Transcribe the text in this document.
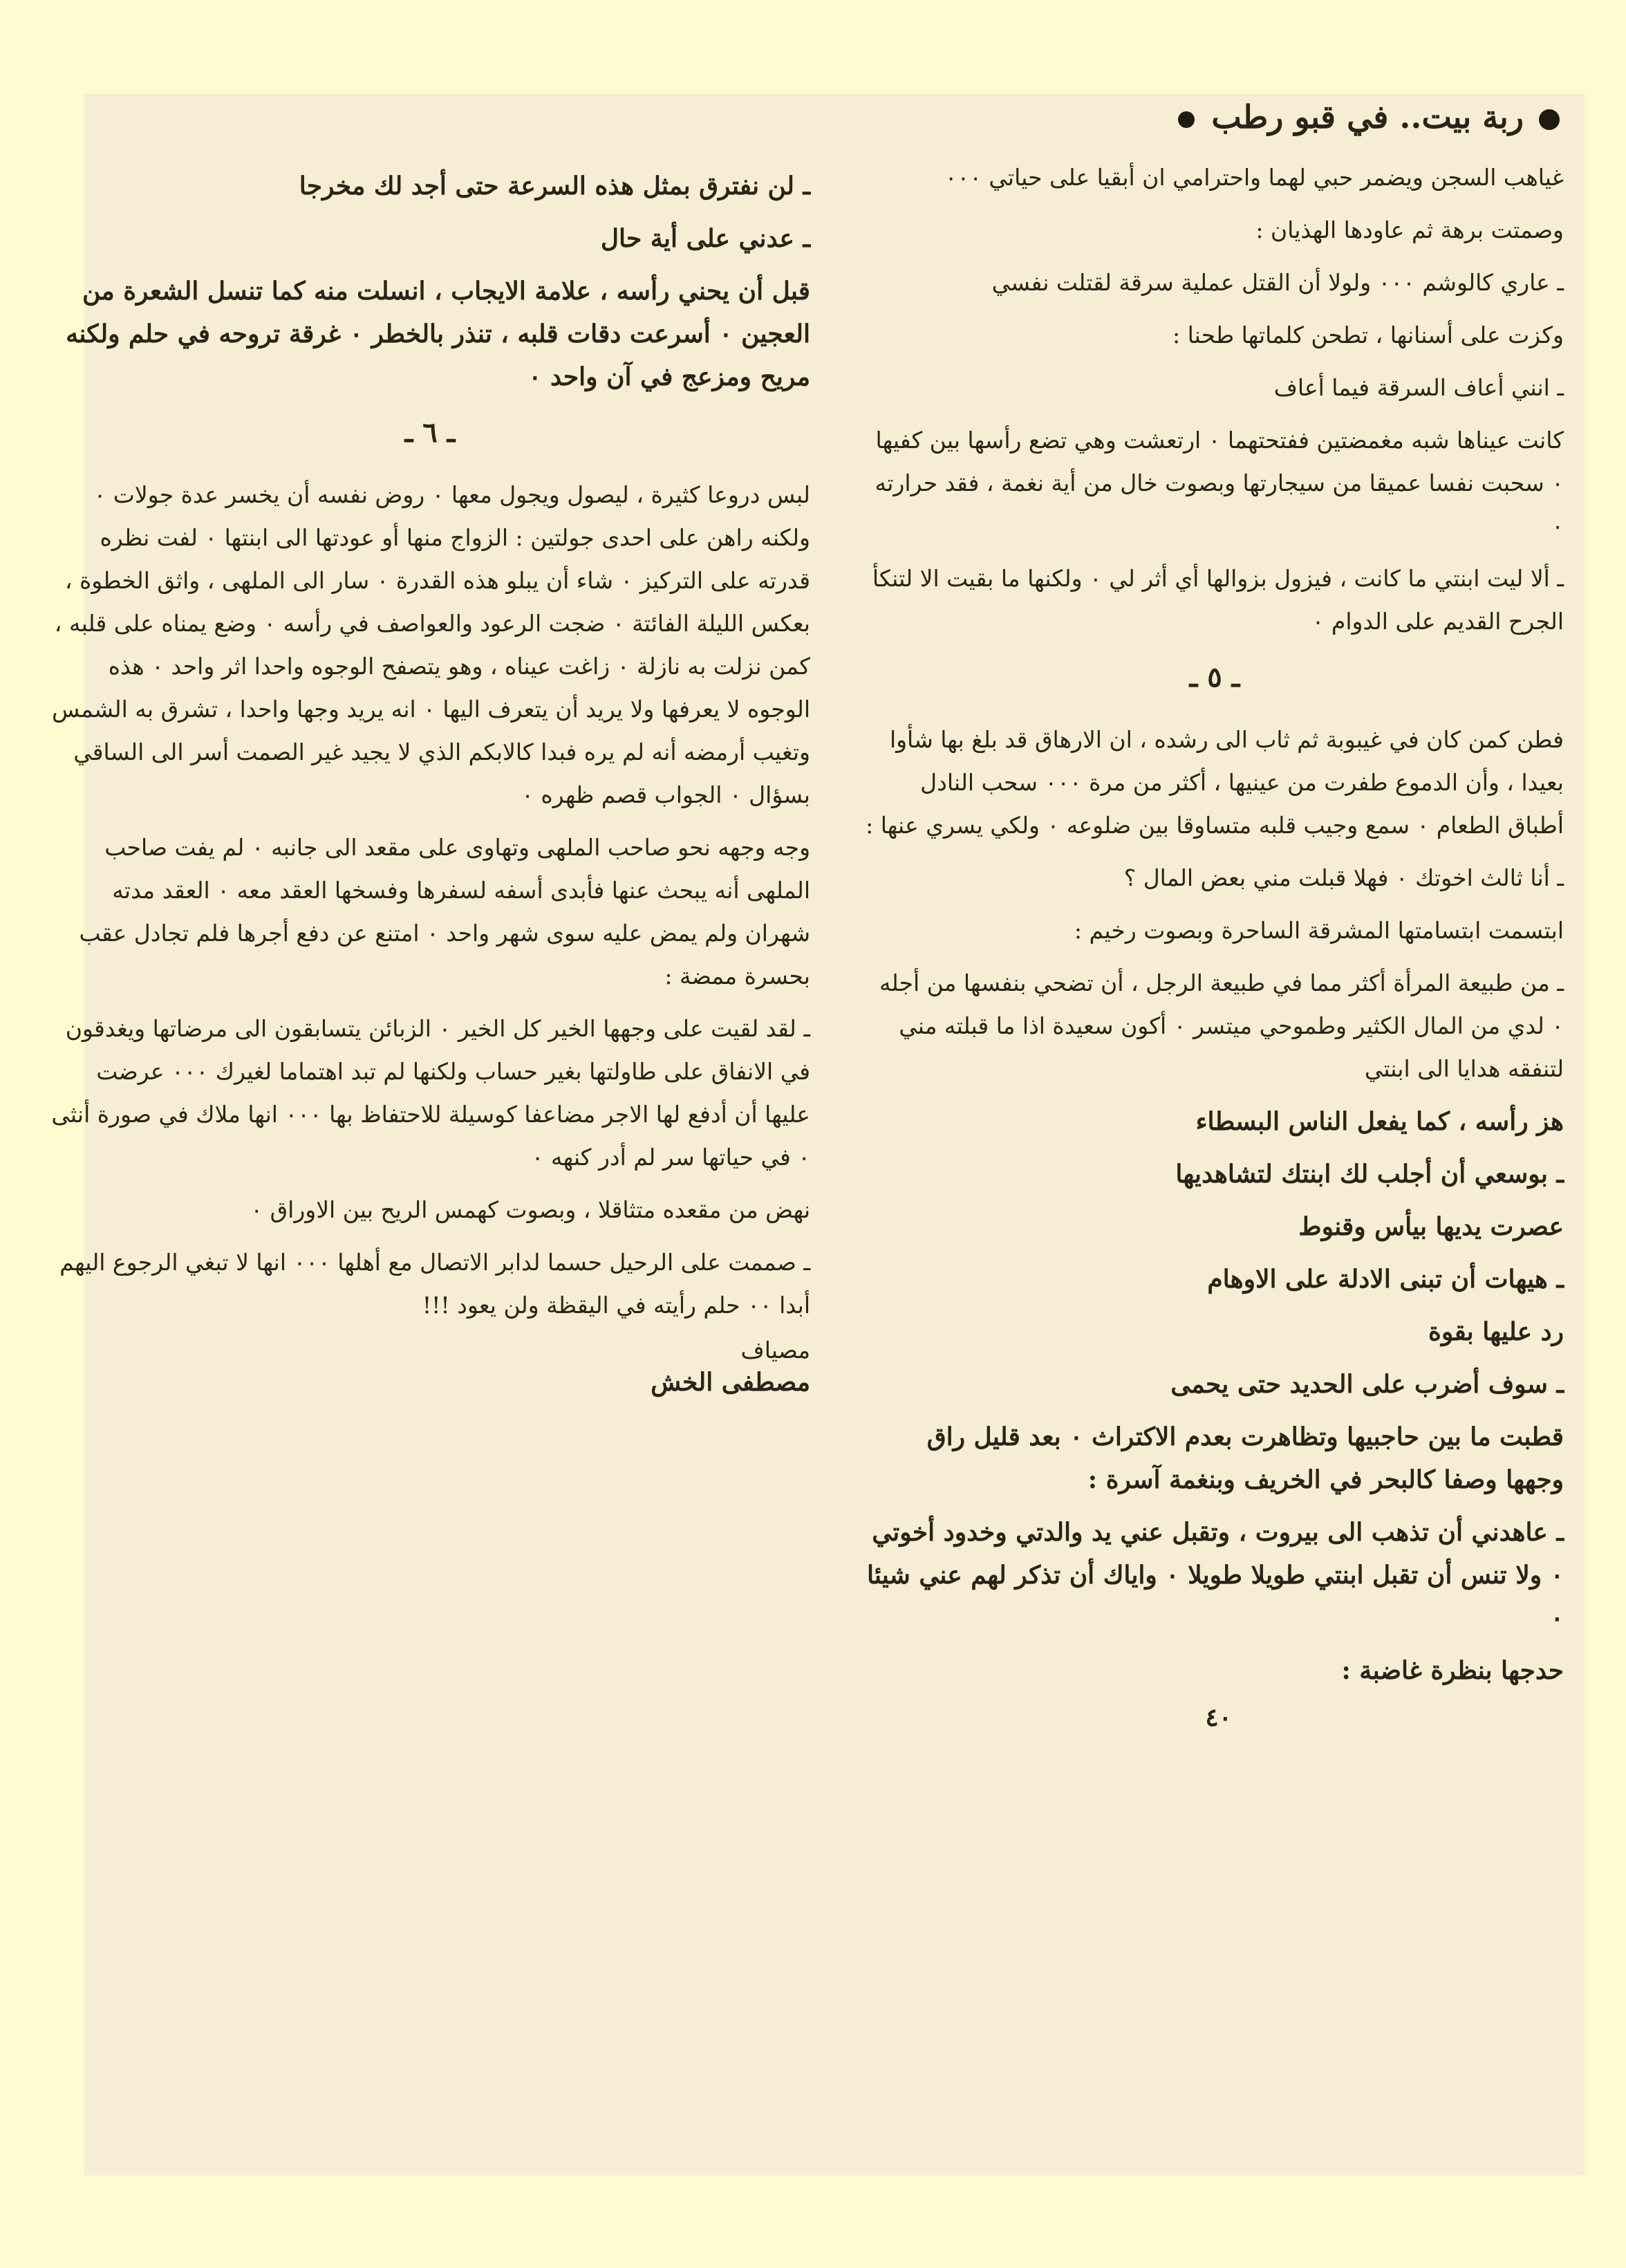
ربة بيت.. في قبو رطب

غياهب السجن ويضمر حبي لهما واحترامي ان أبقيا على حياتي ٠٠٠

وصمتت برهة ثم عاودها الهذيان :

ـ عاري كالوشم ٠٠٠ ولولا أن القتل عملية سرقة لقتلت نفسي

وكزت على أسنانها ، تطحن كلماتها طحنا :

ـ انني أعاف السرقة فيما أعاف

كانت عيناها شبه مغمضتين ففتحتهما ٠ ارتعشت وهي تضع رأسها بين كفيها ٠ سحبت نفسا عميقا من سيجارتها وبصوت خال من أية نغمة ، فقد حرارته ٠

ـ ألا ليت ابنتي ما كانت ، فيزول بزوالها أي أثر لي ٠ ولكنها ما بقيت الا لتنكأ الجرح القديم على الدوام ٠

ـ ٥ ـ

فطن كمن كان في غيبوبة ثم ثاب الى رشده ، ان الارهاق قد بلغ بها شأوا بعيدا ، وأن الدموع طفرت من عينيها ، أكثر من مرة ٠٠٠ سحب النادل أطباق الطعام ٠ سمع وجيب قلبه متساوقا بين ضلوعه ٠ ولكي يسري عنها :

ـ أنا ثالث اخوتك ٠ فهلا قبلت مني بعض المال ؟

ابتسمت ابتسامتها المشرقة الساحرة وبصوت رخيم :

ـ من طبيعة المرأة أكثر مما في طبيعة الرجل ، أن تضحي بنفسها من أجله ٠ لدي من المال الكثير وطموحي ميتسر ٠ أكون سعيدة اذا ما قبلته مني لتنفقه هدايا الى ابنتي

هز رأسه ، كما يفعل الناس البسطاء

ـ بوسعي أن أجلب لك ابنتك لتشاهديها

عصرت يديها بيأس وقنوط

ـ هيهات أن تبنى الادلة على الاوهام

رد عليها بقوة

ـ سوف أضرب على الحديد حتى يحمى

قطبت ما بين حاجبيها وتظاهرت بعدم الاكتراث ٠ بعد قليل راق وجهها وصفا كالبحر في الخريف وبنغمة آسرة :

ـ عاهدني أن تذهب الى بيروت ، وتقبل عني يد والدتي وخدود أخوتي ٠ ولا تنس أن تقبل ابنتي طويلا طويلا ٠ واياك أن تذكر لهم عني شيئا ٠

حدجها بنظرة غاضبة :

٤٠

ـ لن نفترق بمثل هذه السرعة حتى أجد لك مخرجا

ـ عدني على أية حال

قبل أن يحني رأسه ، علامة الايجاب ، انسلت منه كما تنسل الشعرة من العجين ٠ أسرعت دقات قلبه ، تنذر بالخطر ٠ غرقة تروحه في حلم ولكنه مريح ومزعج في آن واحد ٠

ـ ٦ ـ

لبس دروعا كثيرة ، ليصول ويجول معها ٠ روض نفسه أن يخسر عدة جولات ٠ ولكنه راهن على احدى جولتين : الزواج منها أو عودتها الى ابنتها ٠ لفت نظره قدرته على التركيز ٠ شاء أن يبلو هذه القدرة ٠ سار الى الملهى ، واثق الخطوة ، بعكس الليلة الفائتة ٠ ضجت الرعود والعواصف في رأسه ٠ وضع يمناه على قلبه ، كمن نزلت به نازلة ٠ زاغت عيناه ، وهو يتصفح الوجوه واحدا اثر واحد ٠ هذه الوجوه لا يعرفها ولا يريد أن يتعرف اليها ٠ انه يريد وجها واحدا ، تشرق به الشمس وتغيب أرمضه أنه لم يره فبدا كالابكم الذي لا يجيد غير الصمت أسر الى الساقي بسؤال ٠ الجواب قصم ظهره ٠

وجه وجهه نحو صاحب الملهى وتهاوى على مقعد الى جانبه ٠ لم يفت صاحب الملهى أنه يبحث عنها فأبدى أسفه لسفرها وفسخها العقد معه ٠ العقد مدته شهران ولم يمض عليه سوى شهر واحد ٠ امتنع عن دفع أجرها فلم تجادل عقب بحسرة ممضة :

ـ لقد لقيت على وجهها الخير كل الخير ٠ الزبائن يتسابقون الى مرضاتها ويغدقون في الانفاق على طاولتها بغير حساب ولكنها لم تبد اهتماما لغيرك ٠٠٠ عرضت عليها أن أدفع لها الاجر مضاعفا كوسيلة للاحتفاظ بها ٠٠٠ انها ملاك في صورة أنثى ٠ في حياتها سر لم أدر كنهه ٠

نهض من مقعده متثاقلا ، وبصوت كهمس الريح بين الاوراق ٠

ـ صممت على الرحيل حسما لدابر الاتصال مع أهلها ٠٠٠ انها لا تبغي الرجوع اليهم أبدا ٠٠ حلم رأيته في اليقظة ولن يعود !!!

مصياف
مصطفى الخش
